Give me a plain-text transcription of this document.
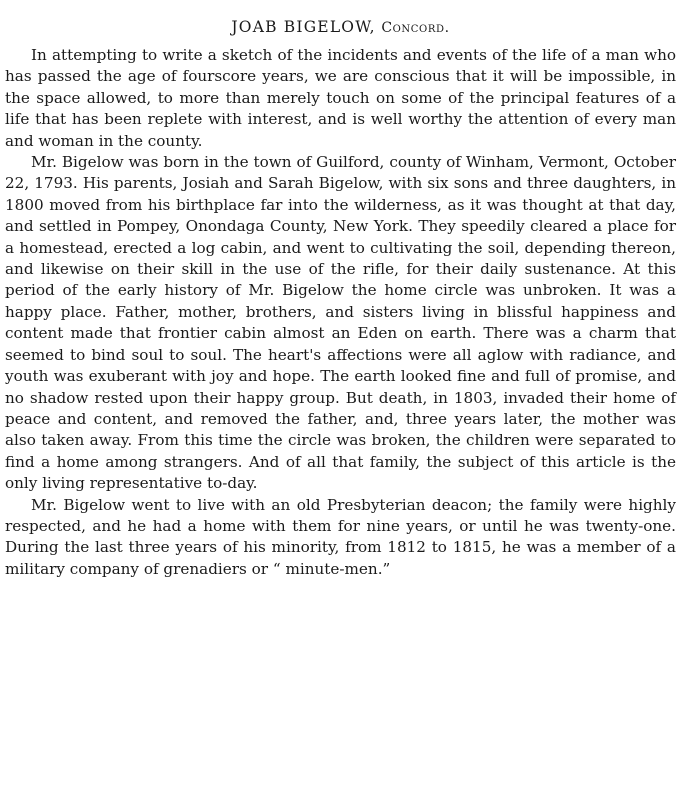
JOAB BIGELOW, Concord.

In attempting to write a sketch of the incidents and events of the life of a man who has passed the age of fourscore years, we are conscious that it will be impossible, in the space allowed, to more than merely touch on some of the principal features of a life that has been replete with interest, and is well worthy the attention of every man and woman in the county.

Mr. Bigelow was born in the town of Guilford, county of Winham, Vermont, October 22, 1793. His parents, Josiah and Sarah Bigelow, with six sons and three daughters, in 1800 moved from his birthplace far into the wilderness, as it was thought at that day, and settled in Pompey, Onondaga County, New York. They speedily cleared a place for a homestead, erected a log cabin, and went to cultivating the soil, depending thereon, and likewise on their skill in the use of the rifle, for their daily sustenance. At this period of the early history of Mr. Bigelow the home circle was unbroken. It was a happy place. Father, mother, brothers, and sisters living in blissful happiness and content made that frontier cabin almost an Eden on earth. There was a charm that seemed to bind soul to soul. The heart's affections were all aglow with radiance, and youth was exuberant with joy and hope. The earth looked fine and full of promise, and no shadow rested upon their happy group. But death, in 1803, invaded their home of peace and content, and removed the father, and, three years later, the mother was also taken away. From this time the circle was broken, the children were separated to find a home among strangers. And of all that family, the subject of this article is the only living representative to-day.

Mr. Bigelow went to live with an old Presbyterian deacon; the family were highly respected, and he had a home with them for nine years, or until he was twenty-one. During the last three years of his minority, from 1812 to 1815, he was a member of a military company of grenadiers or “ minute-men.”
